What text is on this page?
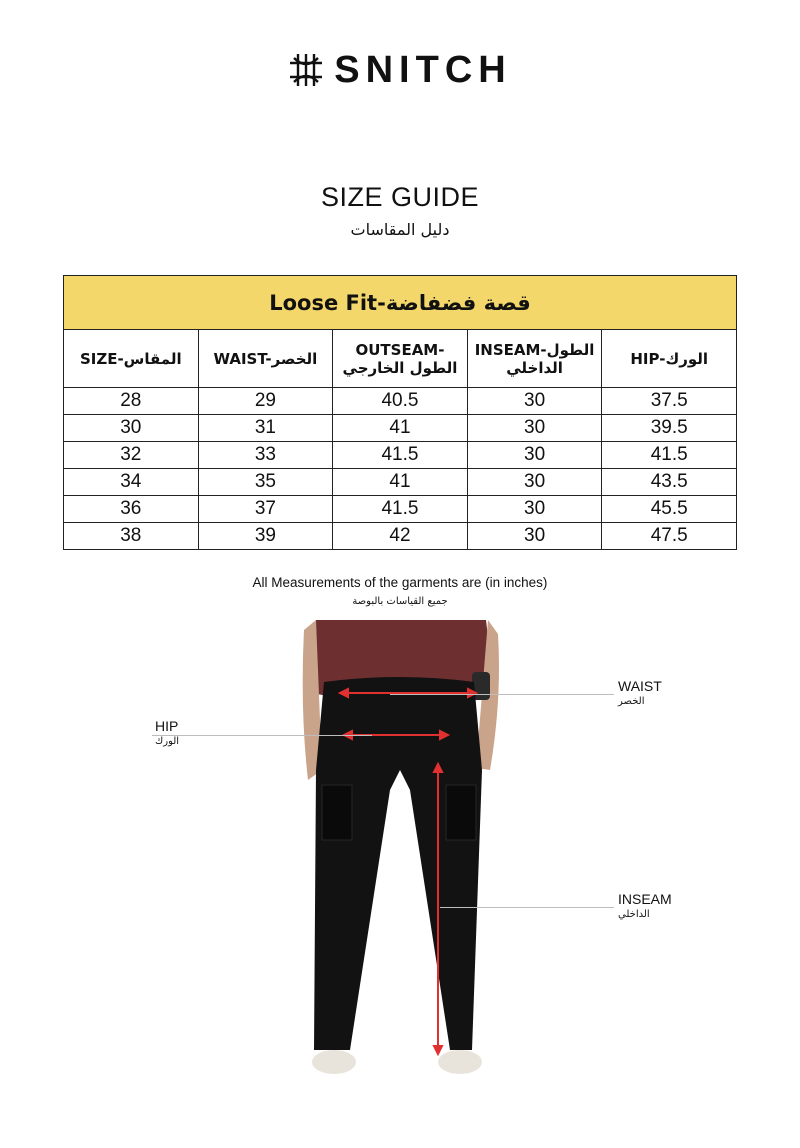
SNITCH
SIZE GUIDE
دليل المقاسات
Loose Fit-قصة فضفاضة				
SIZE-المقاس	WAIST-الخصر	OUTSEAM-الطول الخارجي	INSEAM-الطول الداخلي	HIP-الورك
28	29	40.5	30	37.5
30	31	41	30	39.5
32	33	41.5	30	41.5
34	35	41	30	43.5
36	37	41.5	30	45.5
38	39	42	30	47.5
All Measurements of the garments are (in inches)
جميع القياسات بالبوصة
WAIST
الخصر
HIP
الورك
INSEAM
الداخلي
